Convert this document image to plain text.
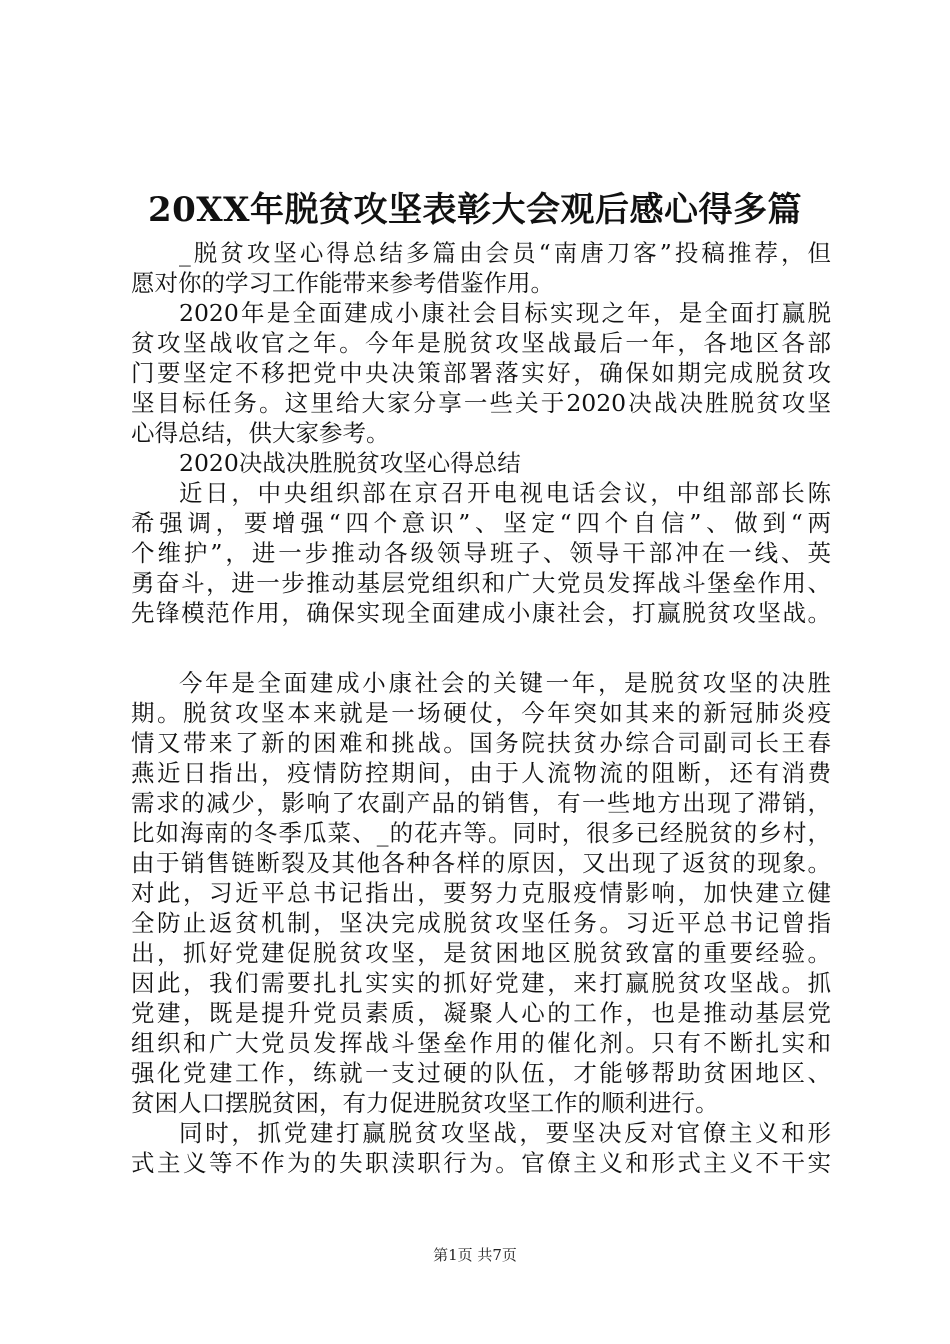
20XX年脱贫攻坚表彰大会观后感心得多篇
_脱贫攻坚心得总结多篇由会员“南唐刀客”投稿推荐，但
愿对你的学习工作能带来参考借鉴作用。
2020年是全面建成小康社会目标实现之年，是全面打赢脱
贫攻坚战收官之年。今年是脱贫攻坚战最后一年，各地区各部
门要坚定不移把党中央决策部署落实好，确保如期完成脱贫攻
坚目标任务。这里给大家分享一些关于2020决战决胜脱贫攻坚
心得总结，供大家参考。
2020决战决胜脱贫攻坚心得总结
近日，中央组织部在京召开电视电话会议，中组部部长陈
希强调，要增强“四个意识”、坚定“四个自信”、做到“两
个维护”，进一步推动各级领导班子、领导干部冲在一线、英
勇奋斗，进一步推动基层党组织和广大党员发挥战斗堡垒作用、
先锋模范作用，确保实现全面建成小康社会，打赢脱贫攻坚战。
今年是全面建成小康社会的关键一年，是脱贫攻坚的决胜
期。脱贫攻坚本来就是一场硬仗，今年突如其来的新冠肺炎疫
情又带来了新的困难和挑战。国务院扶贫办综合司副司长王春
燕近日指出，疫情防控期间，由于人流物流的阻断，还有消费
需求的减少，影响了农副产品的销售，有一些地方出现了滞销，
比如海南的冬季瓜菜、_的花卉等。同时，很多已经脱贫的乡村，
由于销售链断裂及其他各种各样的原因，又出现了返贫的现象。
对此，习近平总书记指出，要努力克服疫情影响，加快建立健
全防止返贫机制，坚决完成脱贫攻坚任务。习近平总书记曾指
出，抓好党建促脱贫攻坚，是贫困地区脱贫致富的重要经验。
因此，我们需要扎扎实实的抓好党建，来打赢脱贫攻坚战。抓
党建，既是提升党员素质，凝聚人心的工作，也是推动基层党
组织和广大党员发挥战斗堡垒作用的催化剂。只有不断扎实和
强化党建工作，练就一支过硬的队伍，才能够帮助贫困地区、
贫困人口摆脱贫困，有力促进脱贫攻坚工作的顺利进行。
同时，抓党建打赢脱贫攻坚战，要坚决反对官僚主义和形
式主义等不作为的失职渎职行为。官僚主义和形式主义不干实
第1页 共7页
